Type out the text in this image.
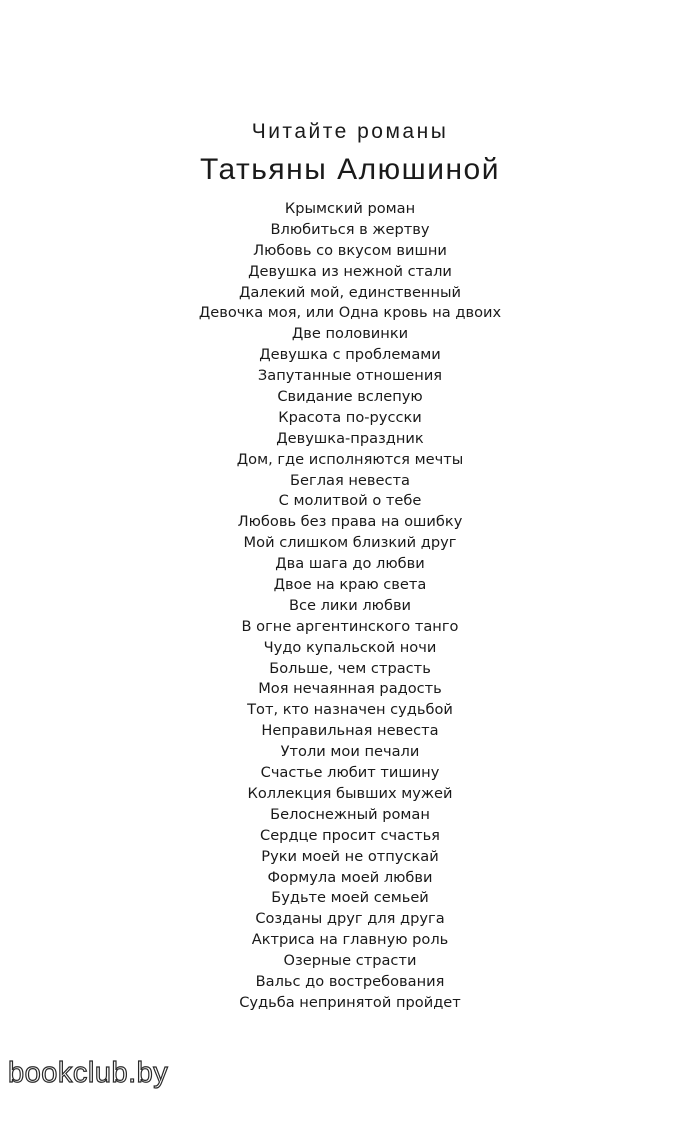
Читайте романы
Татьяны Алюшиной
Крымский роман
Влюбиться в жертву
Любовь со вкусом вишни
Девушка из нежной стали
Далекий мой, единственный
Девочка моя, или Одна кровь на двоих
Две половинки
Девушка с проблемами
Запутанные отношения
Свидание вслепую
Красота по-русски
Девушка-праздник
Дом, где исполняются мечты
Беглая невеста
С молитвой о тебе
Любовь без права на ошибку
Мой слишком близкий друг
Два шага до любви
Двое на краю света
Все лики любви
В огне аргентинского танго
Чудо купальской ночи
Больше, чем страсть
Моя нечаянная радость
Тот, кто назначен судьбой
Неправильная невеста
Утоли мои печали
Счастье любит тишину
Коллекция бывших мужей
Белоснежный роман
Сердце просит счастья
Руки моей не отпускай
Формула моей любви
Будьте моей семьей
Созданы друг для друга
Актриса на главную роль
Озерные страсти
Вальс до востребования
Судьба непринятой пройдет
bookclub.by
